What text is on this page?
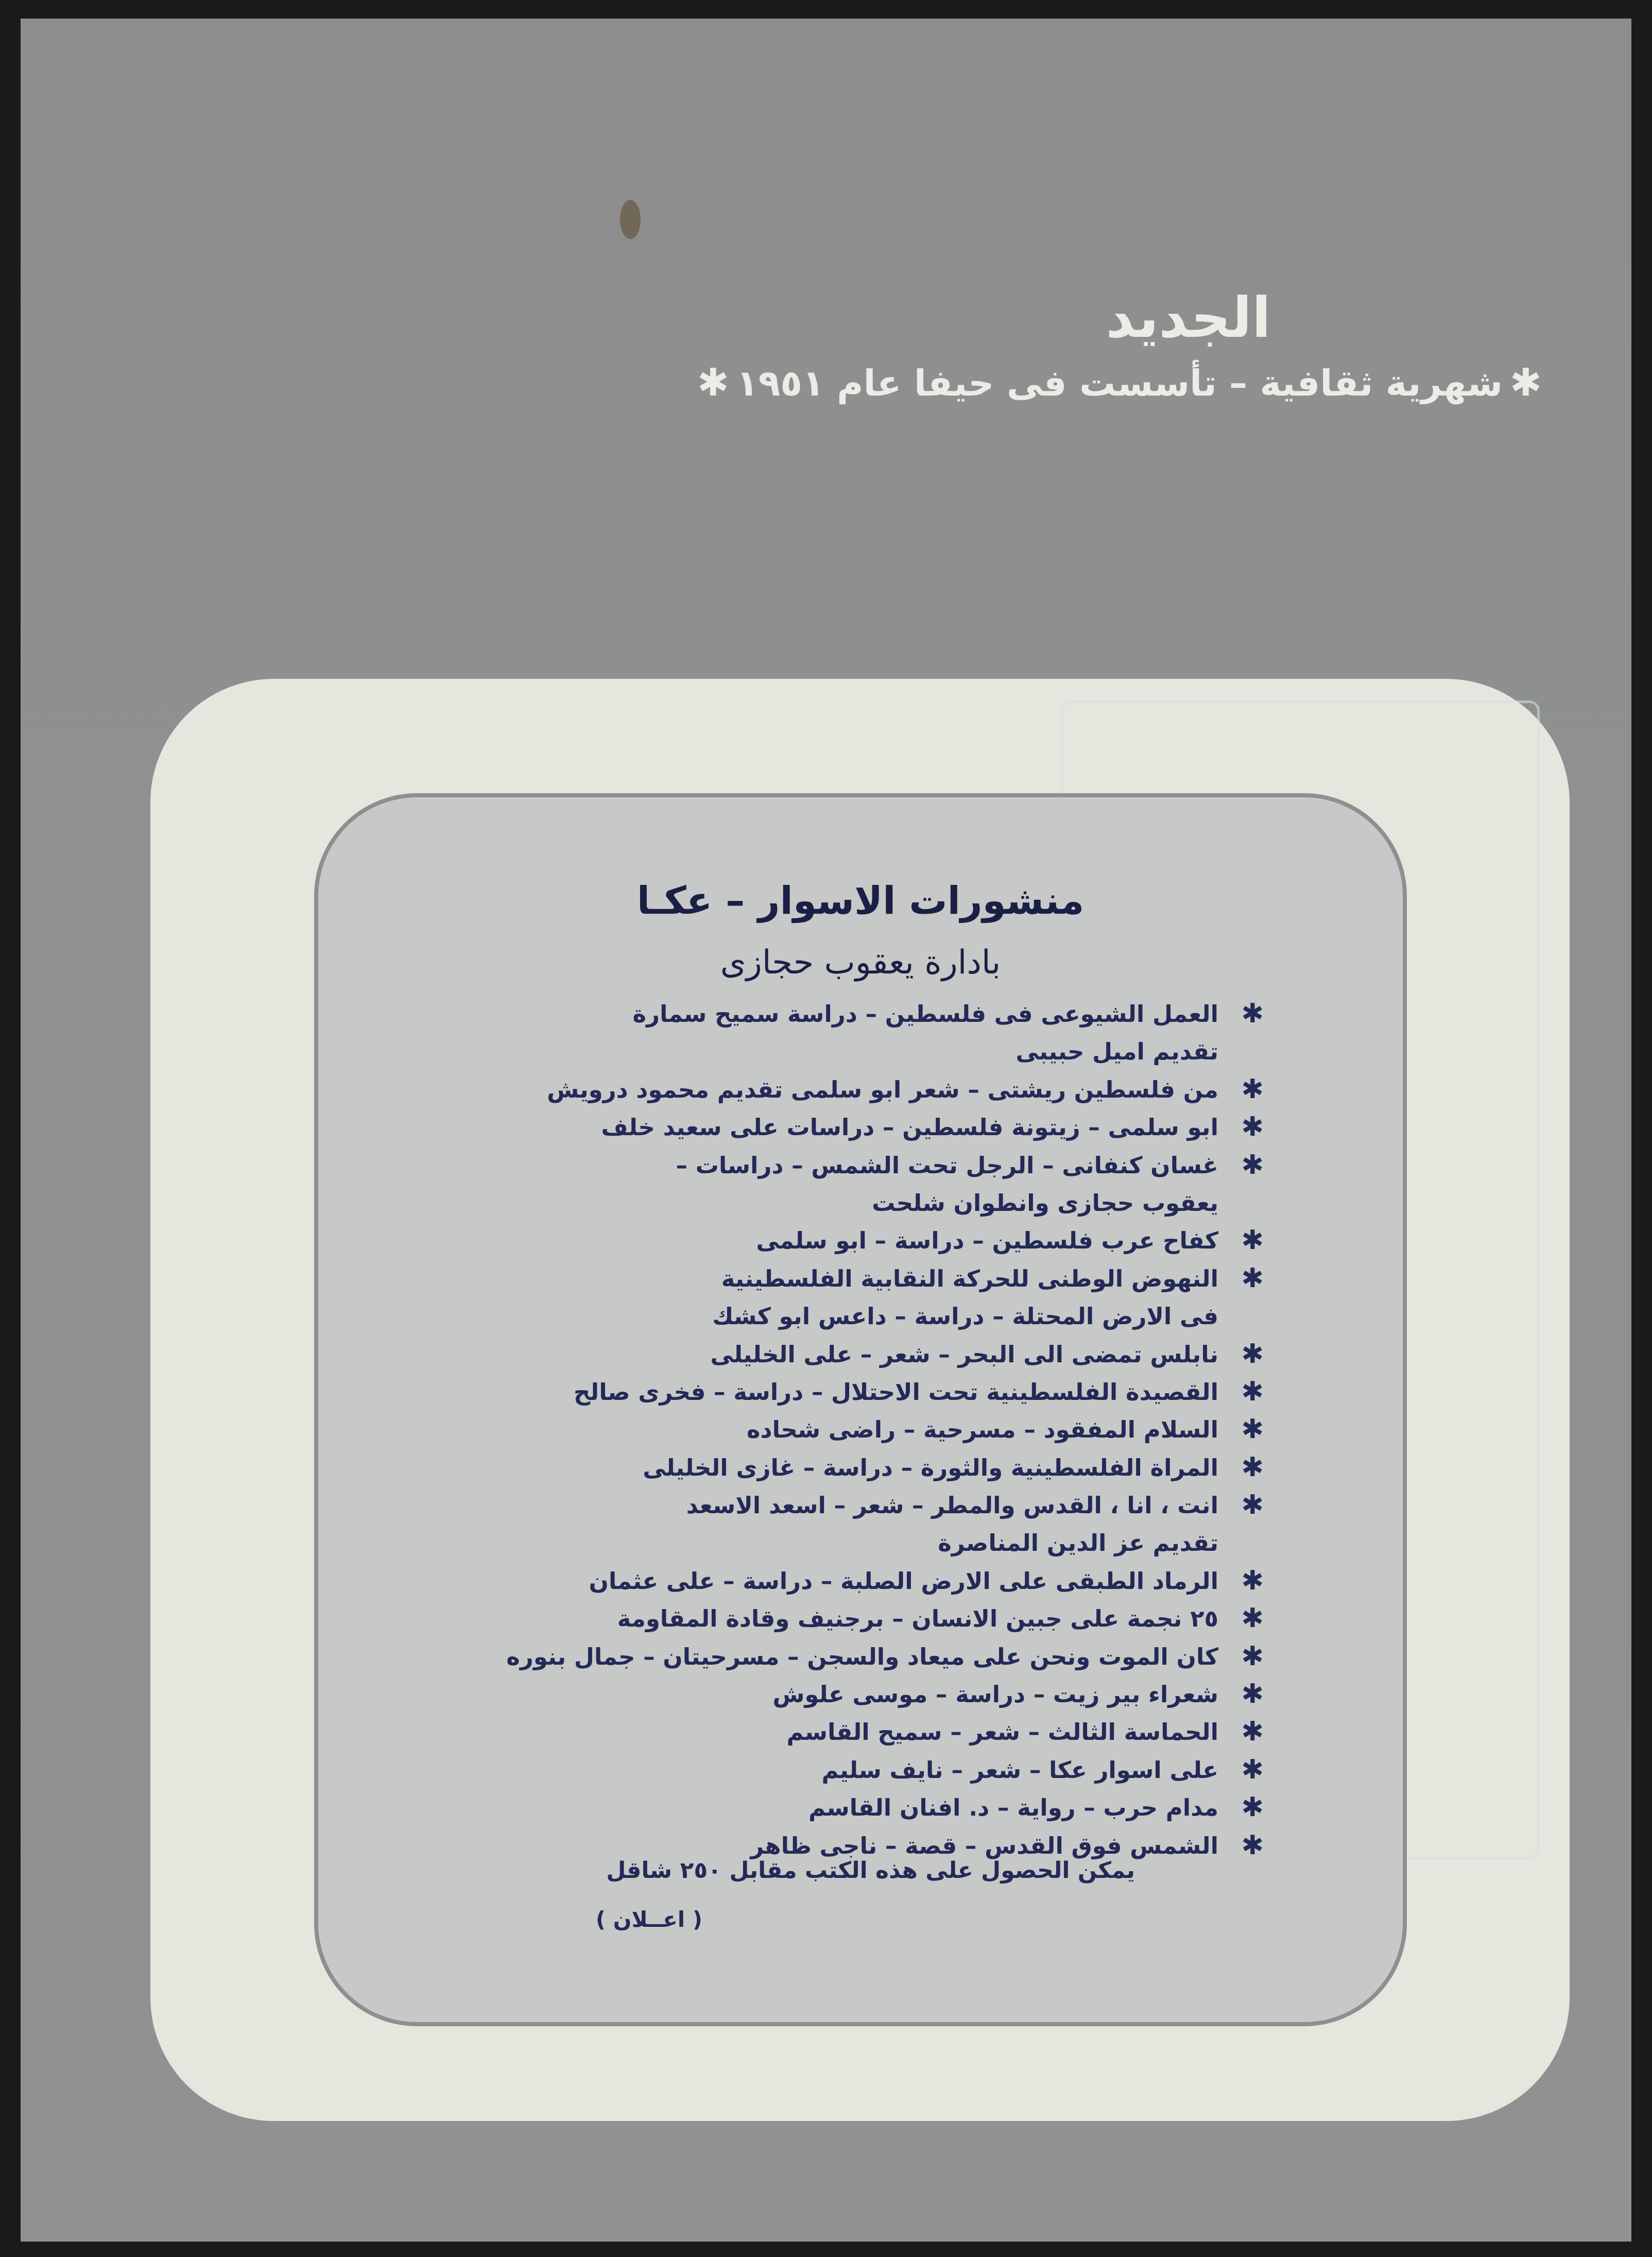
الجديد
✱شهرية ثقافية – تأسست فى حيفا عام ١٩٥١✱
منشورات الاسوار – عكـا
بادارة يعقوب حجازى
✱
العمل الشيوعى فى فلسطين – دراسة سميح سمارة
تقديم اميل حبيبى
✱
من فلسطين ريشتى – شعر ابو سلمى تقديم محمود درويش
✱
ابو سلمى – زيتونة فلسطين – دراسات على سعيد خلف
✱
غسان كنفانى – الرجل تحت الشمس – دراسات –
يعقوب حجازى وانطوان شلحت
✱
كفاح عرب فلسطين – دراسة – ابو سلمى
✱
النهوض الوطنى للحركة النقابية الفلسطينية
فى الارض المحتلة – دراسة – داعس ابو كشك
✱
نابلس تمضى الى البحر – شعر – على الخليلى
✱
القصيدة الفلسطينية تحت الاحتلال – دراسة – فخرى صالح
✱
السلام المفقود – مسرحية – راضى شحاده
✱
المراة الفلسطينية والثورة – دراسة – غازى الخليلى
✱
انت ، انا ، القدس والمطر – شعر – اسعد الاسعد
تقديم عز الدين المناصرة
✱
الرماد الطبقى على الارض الصلبة – دراسة – على عثمان
✱
٢٥ نجمة على جبين الانسان – برجنيف وقادة المقاومة
✱
كان الموت ونحن على ميعاد والسجن – مسرحيتان – جمال بنوره
✱
شعراء بير زيت – دراسة – موسى علوش
✱
الحماسة الثالث – شعر – سميح القاسم
✱
على اسوار عكا – شعر – نايف سليم
✱
مدام حرب – رواية – د. افنان القاسم
✱
الشمس فوق القدس – قصة – ناجى ظاهر
يمكن الحصول على هذه الكتب مقابل ٢٥٠ شاقل
( اعــلان )
